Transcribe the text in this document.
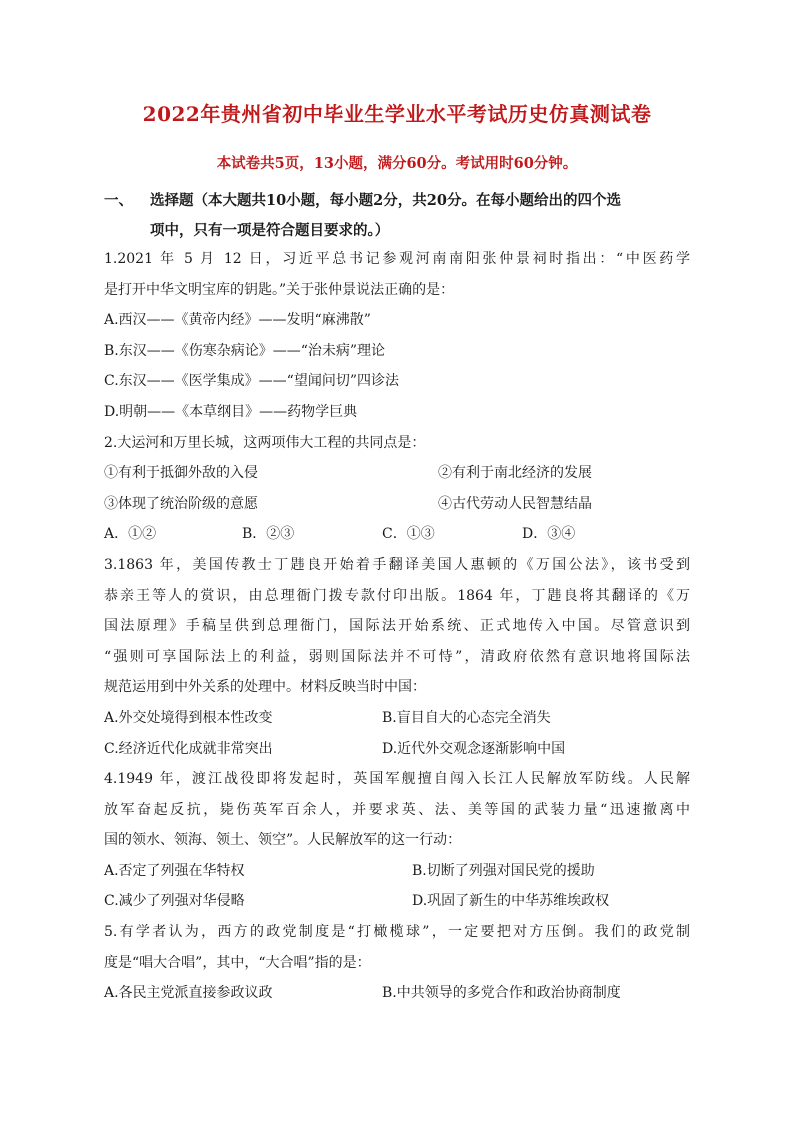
2022年贵州省初中毕业生学业水平考试历史仿真测试卷
本试卷共5页，13小题，满分60分。考试用时60分钟。
一、 选择题（本大题共10小题，每小题2分，共20分。在每小题给出的四个选
项中，只有一项是符合题目要求的。）
1.2021 年 5 月 12 日，习近平总书记参观河南南阳张仲景祠时指出：“中医药学
是打开中华文明宝库的钥匙。”关于张仲景说法正确的是：
A.西汉——《黄帝内经》——发明“麻沸散”
B.东汉——《伤寒杂病论》——“治未病”理论
C.东汉——《医学集成》——“望闻问切”四诊法
D.明朝——《本草纲目》——药物学巨典
2.大运河和万里长城，这两项伟大工程的共同点是：
①有利于抵御外敌的入侵	②有利于南北经济的发展
③体现了统治阶级的意愿	④古代劳动人民智慧结晶
A．①②	B．②③	C．①③	D．③④
3.1863 年，美国传教士丁韪良开始着手翻译美国人惠顿的《万国公法》，该书受到
恭亲王等人的赏识，由总理衙门拨专款付印出版。1864 年，丁韪良将其翻译的《万
国法原理》手稿呈供到总理衙门，国际法开始系统、正式地传入中国。尽管意识到
“强则可享国际法上的利益，弱则国际法并不可恃”，清政府依然有意识地将国际法
规范运用到中外关系的处理中。材料反映当时中国：
A.外交处境得到根本性改变	B.盲目自大的心态完全消失
C.经济近代化成就非常突出	D.近代外交观念逐渐影响中国
4.1949 年，渡江战役即将发起时，英国军舰擅自闯入长江人民解放军防线。人民解
放军奋起反抗，毙伤英军百余人，并要求英、法、美等国的武装力量“迅速撤离中
国的领水、领海、领土、领空”。人民解放军的这一行动：
A.否定了列强在华特权	B.切断了列强对国民党的援助
C.减少了列强对华侵略	D.巩固了新生的中华苏维埃政权
5.有学者认为，西方的政党制度是“打橄榄球”，一定要把对方压倒。我们的政党制
度是“唱大合唱”，其中，“大合唱”指的是：
A.各民主党派直接参政议政	B.中共领导的多党合作和政治协商制度
